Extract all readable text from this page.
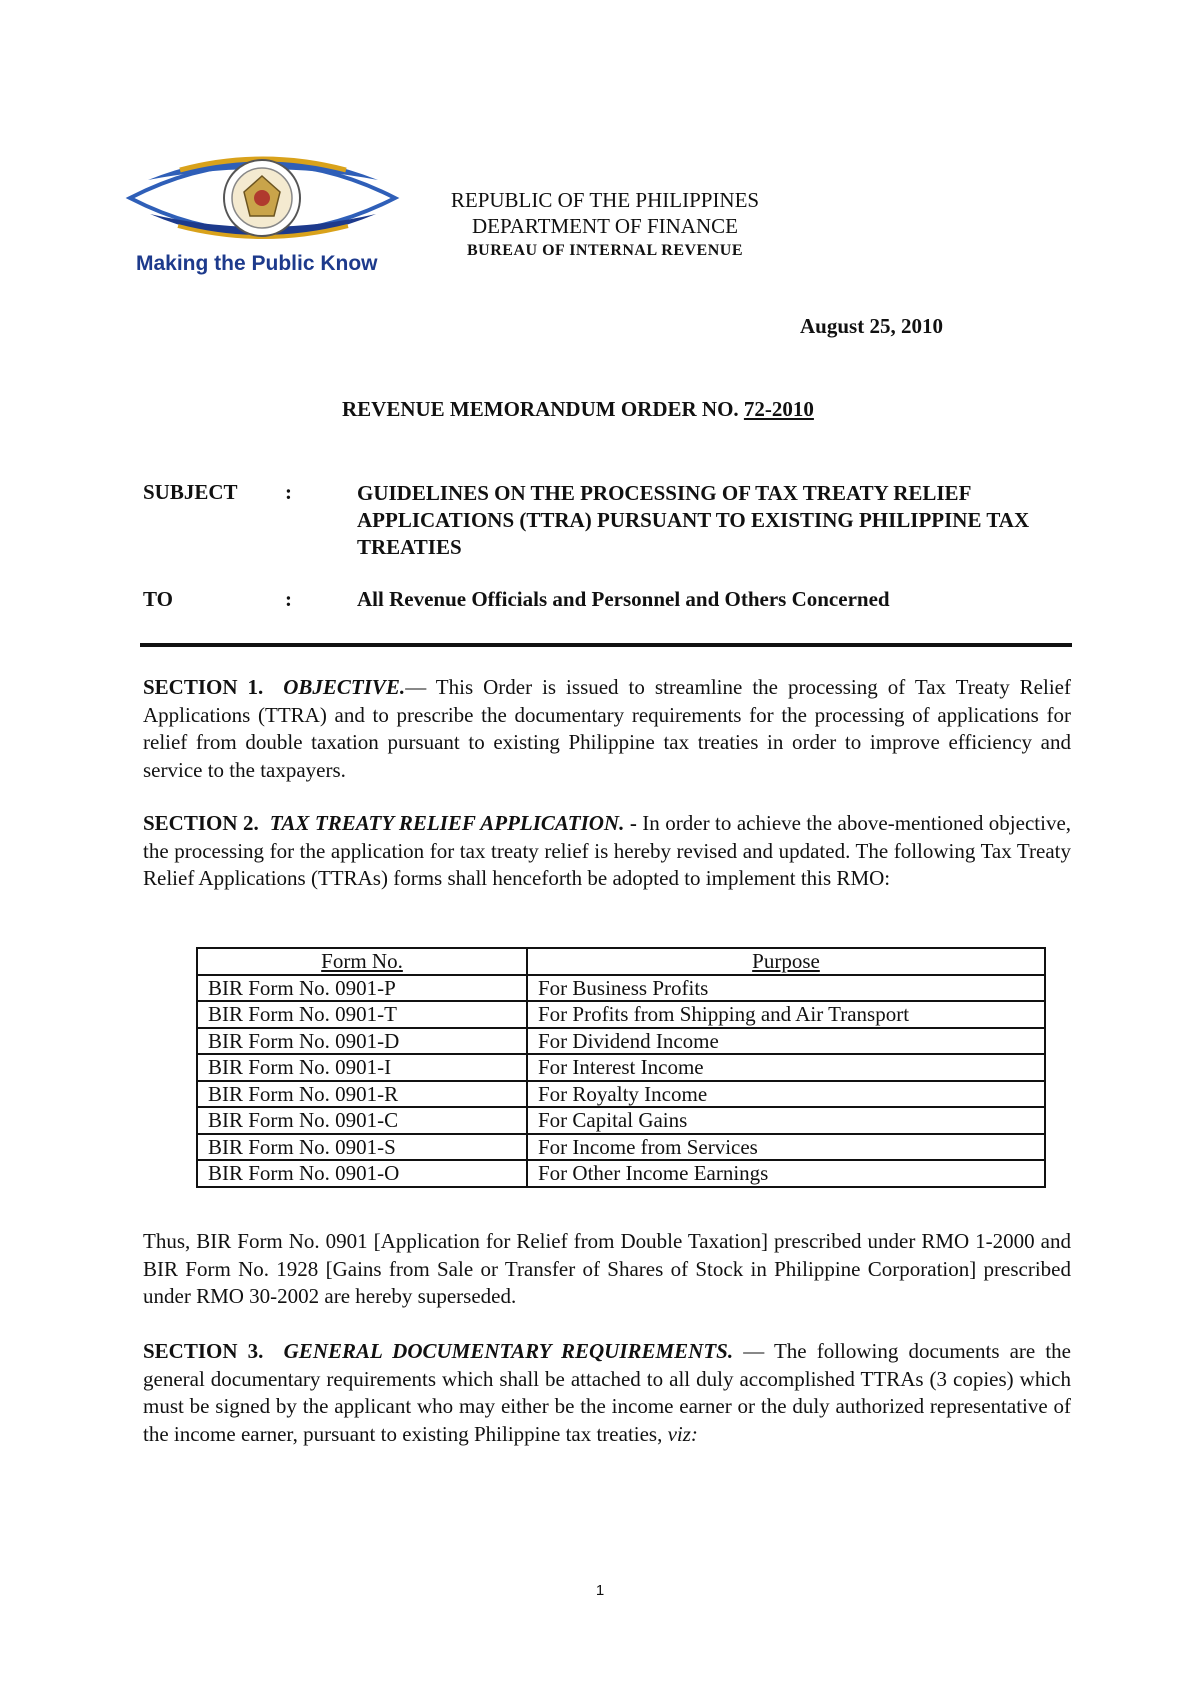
Making the Public Know
REPUBLIC OF THE PHILIPPINES
DEPARTMENT OF FINANCE
BUREAU OF INTERNAL REVENUE
August 25, 2010
REVENUE MEMORANDUM ORDER NO. 72-2010
SUBJECT :	GUIDELINES ON THE PROCESSING OF TAX TREATY RELIEF APPLICATIONS (TTRA) PURSUANT TO EXISTING PHILIPPINE TAX TREATIES
TO	:	All Revenue Officials and Personnel and Others Concerned
SECTION 1. OBJECTIVE.— This Order is issued to streamline the processing of Tax Treaty Relief Applications (TTRA) and to prescribe the documentary requirements for the processing of applications for relief from double taxation pursuant to existing Philippine tax treaties in order to improve efficiency and service to the taxpayers.
SECTION 2. TAX TREATY RELIEF APPLICATION. - In order to achieve the above-mentioned objective, the processing for the application for tax treaty relief is hereby revised and updated. The following Tax Treaty Relief Applications (TTRAs) forms shall henceforth be adopted to implement this RMO:
Form No.	Purpose
BIR Form No. 0901-P	For Business Profits
BIR Form No. 0901-T	For Profits from Shipping and Air Transport
BIR Form No. 0901-D	For Dividend Income
BIR Form No. 0901-I	For Interest Income
BIR Form No. 0901-R	For Royalty Income
BIR Form No. 0901-C	For Capital Gains
BIR Form No. 0901-S	For Income from Services
BIR Form No. 0901-O	For Other Income Earnings
Thus, BIR Form No. 0901 [Application for Relief from Double Taxation] prescribed under RMO 1-2000 and BIR Form No. 1928 [Gains from Sale or Transfer of Shares of Stock in Philippine Corporation] prescribed under RMO 30-2002 are hereby superseded.
SECTION 3. GENERAL DOCUMENTARY REQUIREMENTS. — The following documents are the general documentary requirements which shall be attached to all duly accomplished TTRAs (3 copies) which must be signed by the applicant who may either be the income earner or the duly authorized representative of the income earner, pursuant to existing Philippine tax treaties, viz:
1
